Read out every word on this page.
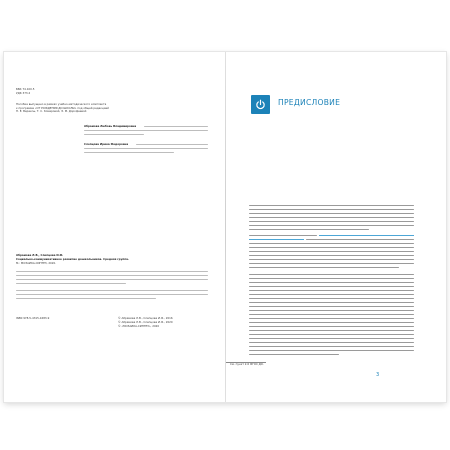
ББК 74.100.5
УДК 373.2
Пособие выпущено в рамках учебно-методического комплекта
к программе «ОТ РОЖДЕНИЯ ДО ШКОЛЫ» под общей редакцией
Н. Е. Вераксы, Т. С. Комаровой, Э. М. Дорофеевой
Абрамова Любовь Владимировна
Слепцова Ирина Федоровна
Абрамова Л.В., Слепцова И.Ф.
Социально-коммуникативное развитие дошкольников. Средняя группа.
М.: МОЗАИКА-СИНТЕЗ, 2020.
ISBN 978-5-4315-1683-9	© Абрамова Л.В., Слепцова И.Ф., 2016
© Абрамова Л.В., Слепцова И.Ф., 2020
© «МОЗАИКА-СИНТЕЗ», 2020
ПРЕДИСЛОВИЕ
См. пункт 2.6 ФГОС ДО.
3
